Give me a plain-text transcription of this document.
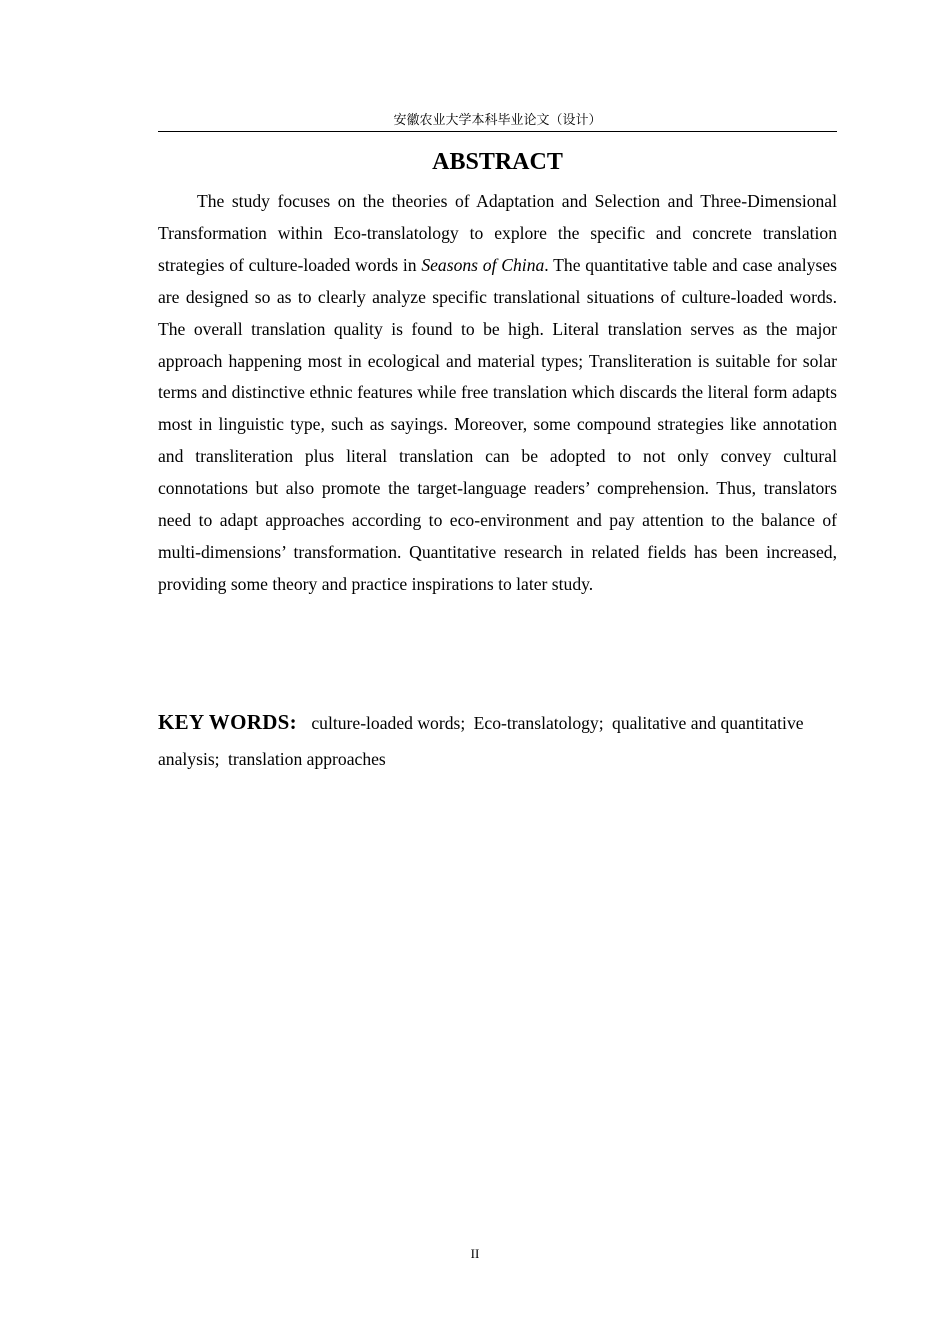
安徽农业大学本科毕业论文（设计）
ABSTRACT

The study focuses on the theories of Adaptation and Selection and Three-Dimensional Transformation within Eco-translatology to explore the specific and concrete translation strategies of culture-loaded words in Seasons of China. The quantitative table and case analyses are designed so as to clearly analyze specific translational situations of culture-loaded words. The overall translation quality is found to be high. Literal translation serves as the major approach happening most in ecological and material types; Transliteration is suitable for solar terms and distinctive ethnic features while free translation which discards the literal form adapts most in linguistic type, such as sayings. Moreover, some compound strategies like annotation and transliteration plus literal translation can be adopted to not only convey cultural connotations but also promote the target-language readers’ comprehension. Thus, translators need to adapt approaches according to eco-environment and pay attention to the balance of multi-dimensions’ transformation. Quantitative research in related fields has been increased, providing some theory and practice inspirations to later study.

KEY WORDS: culture-loaded words; Eco-translatology; qualitative and quantitative analysis; translation approaches
II
